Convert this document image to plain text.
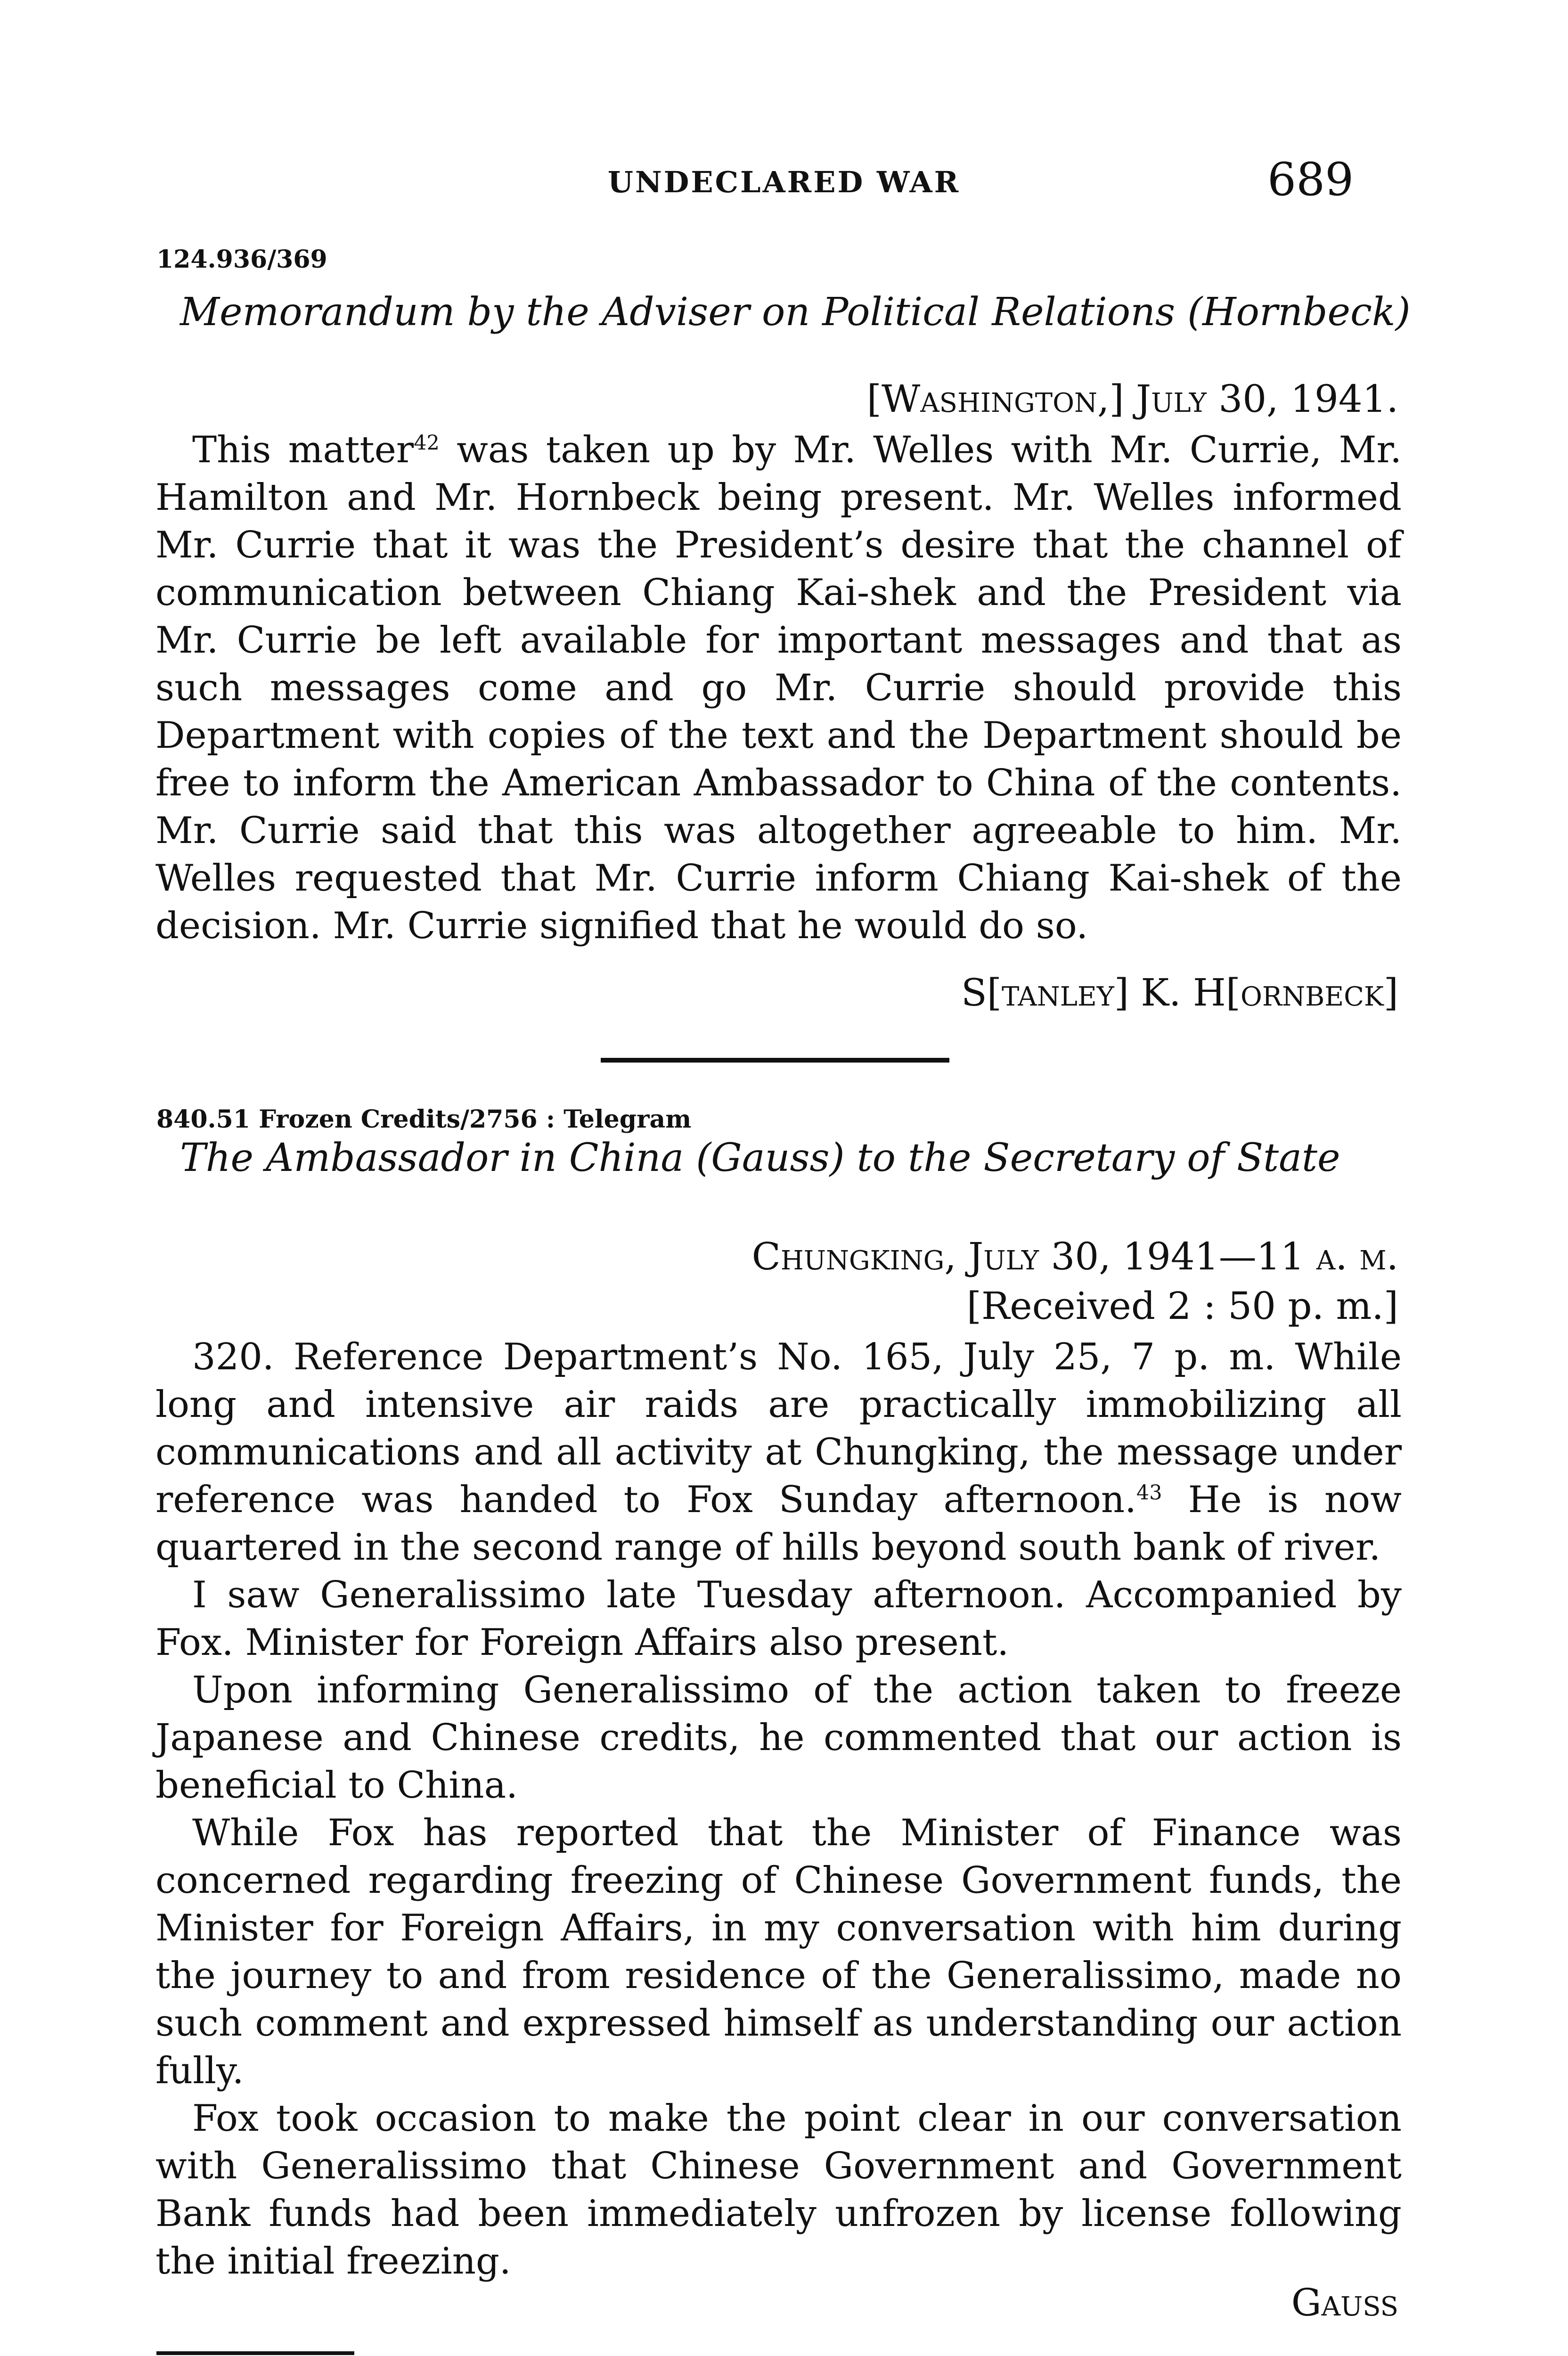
UNDECLARED WAR	689
124.936/369
Memorandum by the Adviser on Political Relations (Hornbeck)
[Washington,] July 30, 1941.

This matter$^{42}$ was taken up by Mr. Welles with Mr. Currie, Mr. Hamilton and Mr. Hornbeck being present. Mr. Welles informed Mr. Currie that it was the President’s desire that the channel of communication between Chiang Kai-shek and the President via Mr. Currie be left available for important messages and that as such messages come and go Mr. Currie should provide this Department with copies of the text and the Department should be free to inform the American Ambassador to China of the contents. Mr. Currie said that this was altogether agreeable to him. Mr. Welles requested that Mr. Currie inform Chiang Kai-shek of the decision. Mr. Currie signified that he would do so.

S[tanley] K. H[ornbeck]
840.51 Frozen Credits/2756 : Telegram
The Ambassador in China (Gauss) to the Secretary of State
Chungking, July 30, 1941—11 a. m.
[Received 2 : 50 p. m.]

320. Reference Department’s No. 165, July 25, 7 p. m. While long and intensive air raids are practically immobilizing all communications and all activity at Chungking, the message under reference was handed to Fox Sunday afternoon.$^{43}$ He is now quartered in the second range of hills beyond south bank of river.

I saw Generalissimo late Tuesday afternoon. Accompanied by Fox. Minister for Foreign Affairs also present.

Upon informing Generalissimo of the action taken to freeze Japanese and Chinese credits, he commented that our action is beneficial to China.

While Fox has reported that the Minister of Finance was concerned regarding freezing of Chinese Government funds, the Minister for Foreign Affairs, in my conversation with him during the journey to and from residence of the Generalissimo, made no such comment and expressed himself as understanding our action fully.

Fox took occasion to make the point clear in our conversation with Generalissimo that Chinese Government and Government Bank funds had been immediately unfrozen by license following the initial freezing.

Gauss
